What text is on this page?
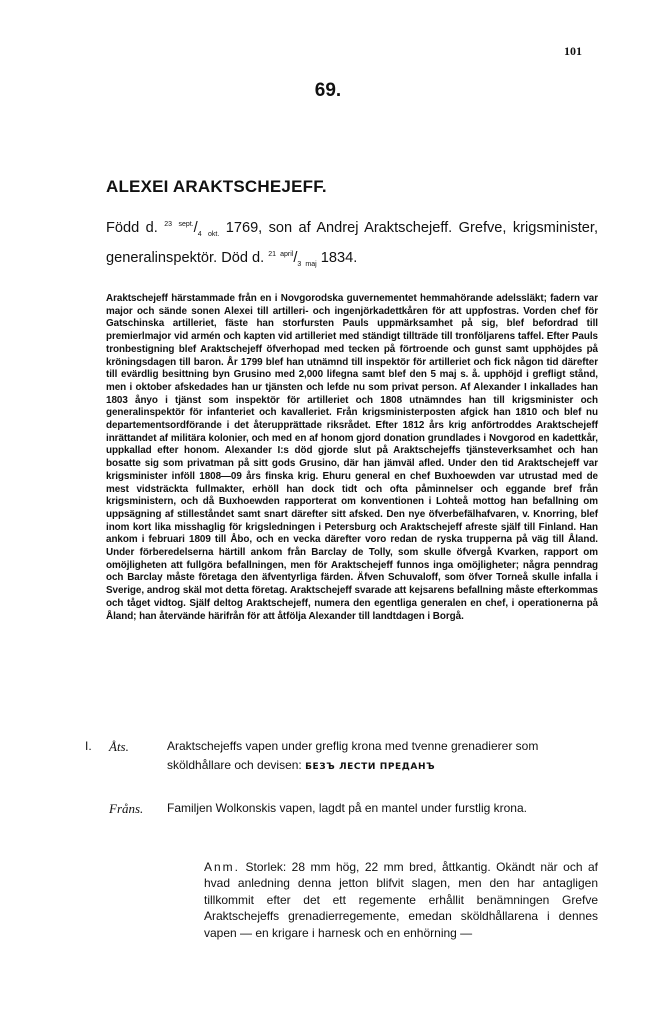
101
69.
ALEXEI ARAKTSCHEJEFF.
Född d. $^{23}$ $^{sept.}/_4$ $_{okt.}$ 1769, son af Andrej Araktschejeff. Grefve, krigsminister, generalinspektör. Död d. $^{21}$ $^{april}/_3$ $_{maj}$ 1834.
Araktschejeff härstammade från en i Novgorodska guvernementet hemmahörande adelssläkt; fadern var major och sände sonen Alexei till artilleri- och ingenjörkadettkåren för att uppfostras. Vorden chef för Gatschinska artilleriet, fäste han storfursten Pauls uppmärksamhet på sig, blef befordrad till premierlmajor vid armén och kapten vid artilleriet med ständigt tillträde till tronföljarens taffel. Efter Pauls tronbestigning blef Araktschejeff öfverhopad med tecken på förtroende och gunst samt upphöjdes på kröningsdagen till baron. År 1799 blef han utnämnd till inspektör för artilleriet och fick någon tid därefter till evärdlig besittning byn Grusino med 2,000 lifegna samt blef den 5 maj s. å. upphöjd i grefligt stånd, men i oktober afskedades han ur tjänsten och lefde nu som privat person. Af Alexander I inkallades han 1803 ånyo i tjänst som inspektör för artilleriet och 1808 utnämndes han till krigsminister och generalinspektör för infanteriet och kavalleriet. Från krigsministerposten afgick han 1810 och blef nu departementsordförande i det återupprättade riksrådet. Efter 1812 års krig anförtroddes Araktschejeff inrättandet af militära kolonier, och med en af honom gjord donation grundlades i Novgorod en kadettkår, uppkallad efter honom. Alexander I:s död gjorde slut på Araktschejeffs tjänsteverksamhet och han bosatte sig som privatman på sitt gods Grusino, där han jämväl afled. Under den tid Araktschejeff var krigsminister inföll 1808—09 års finska krig. Ehuru general en chef Buxhoewden var utrustad med de mest vidsträckta fullmakter, erhöll han dock tidt och ofta påminnelser och eggande bref från krigsministern, och då Buxhoewden rapporterat om konventionen i Lohteå mottog han befallning om uppsägning af stilleståndet samt snart därefter sitt afsked. Den nye öfverbefälhafvaren, v. Knorring, blef inom kort lika misshaglig för krigsledningen i Petersburg och Araktschejeff afreste själf till Finland. Han ankom i februari 1809 till Åbo, och en vecka därefter voro redan de ryska trupperna på väg till Åland. Under förberedelserna härtill ankom från Barclay de Tolly, som skulle öfvergå Kvarken, rapport om omöjligheten att fullgöra befallningen, men för Araktschejeff funnos inga omöjligheter; några penndrag och Barclay måste företaga den äfventyrliga färden. Äfven Schuvaloff, som öfver Torneå skulle infalla i Sverige, androg skäl mot detta företag. Araktschejeff svarade att kejsarens befallning måste efterkommas och tåget vidtog. Själf deltog Araktschejeff, numera den egentliga generalen en chef, i operationerna på Åland; han återvände härifrån för att åtfölja Alexander till landtdagen i Borgå.
I.	Åts.	Araktschejeffs vapen under greflig krona med tvenne grenadierer som sköldhållare och devisen: БЕЗЪ ЛЕСТИ ПРЕДАНЪ
Fråns.	Familjen Wolkonskis vapen, lagdt på en mantel under furstlig krona.
Anm. Storlek: 28 mm hög, 22 mm bred, åttkantig. Okändt när och af hvad anledning denna jetton blifvit slagen, men den har antagligen tillkommit efter det ett regemente erhållit benämningen Grefve Araktschejeffs grenadierregemente, emedan sköldhållarena i dennes vapen — en krigare i harnesk och en enhörning —
